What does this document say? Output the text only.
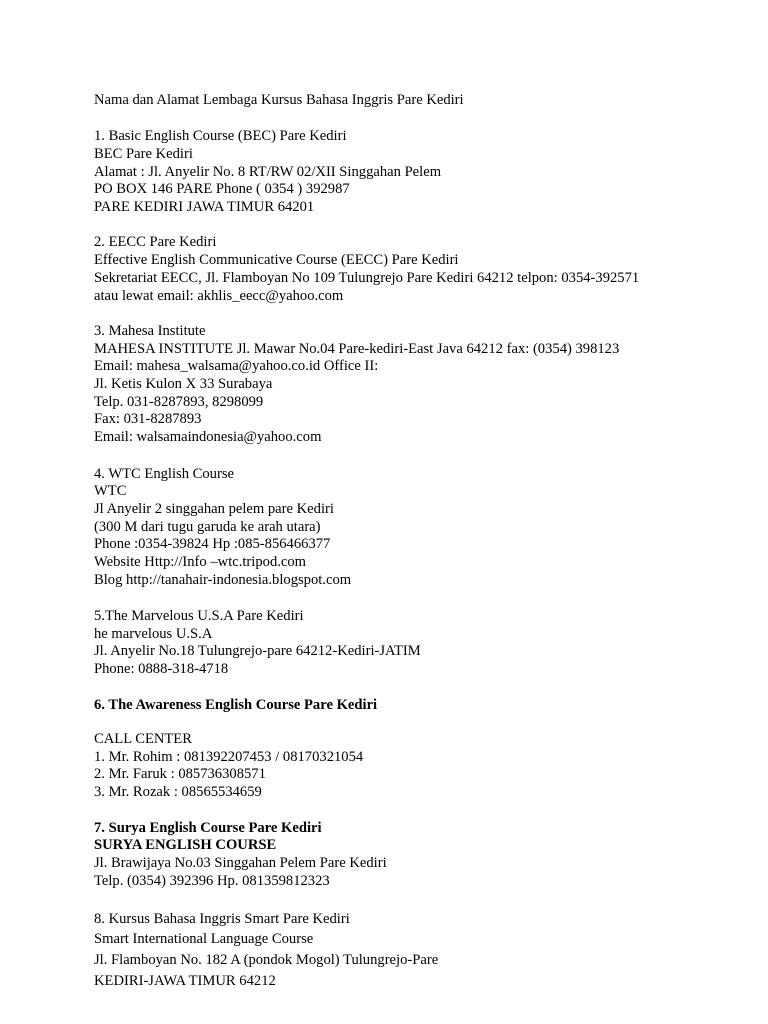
Nama dan Alamat Lembaga Kursus Bahasa Inggris Pare Kediri

1. Basic English Course (BEC) Pare Kediri

BEC Pare Kediri

Alamat : Jl. Anyelir No. 8 RT/RW 02/XII Singgahan Pelem

PO BOX 146 PARE Phone ( 0354 ) 392987

PARE KEDIRI JAWA TIMUR 64201

2. EECC Pare Kediri

Effective English Communicative Course (EECC) Pare Kediri

Sekretariat EECC, Jl. Flamboyan No 109 Tulungrejo Pare Kediri 64212 telpon: 0354-392571

atau lewat email: akhlis_eecc@yahoo.com

3. Mahesa Institute

MAHESA INSTITUTE Jl. Mawar No.04 Pare-kediri-East Java 64212 fax: (0354) 398123

Email: mahesa_walsama@yahoo.co.id Office II:

Jl. Ketis Kulon X 33 Surabaya

Telp. 031-8287893, 8298099

Fax: 031-8287893

Email: walsamaindonesia@yahoo.com

4. WTC English Course

WTC

Jl Anyelir 2 singgahan pelem pare Kediri

(300 M dari tugu garuda ke arah utara)

Phone :0354-39824 Hp :085-856466377

Website Http://Info –wtc.tripod.com

Blog http://tanahair-indonesia.blogspot.com

5.The Marvelous U.S.A Pare Kediri

he marvelous U.S.A

Jl. Anyelir No.18 Tulungrejo-pare 64212-Kediri-JATIM

Phone: 0888-318-4718

6. The Awareness English Course Pare Kediri

CALL CENTER

1. Mr. Rohim : 081392207453 / 08170321054

2. Mr. Faruk : 085736308571

3. Mr. Rozak : 08565534659

7. Surya English Course Pare Kediri

SURYA ENGLISH COURSE

Jl. Brawijaya No.03 Singgahan Pelem Pare Kediri

Telp. (0354) 392396 Hp. 081359812323

8. Kursus Bahasa Inggris Smart Pare Kediri

Smart International Language Course

Jl. Flamboyan No. 182 A (pondok Mogol) Tulungrejo-Pare

KEDIRI-JAWA TIMUR 64212
